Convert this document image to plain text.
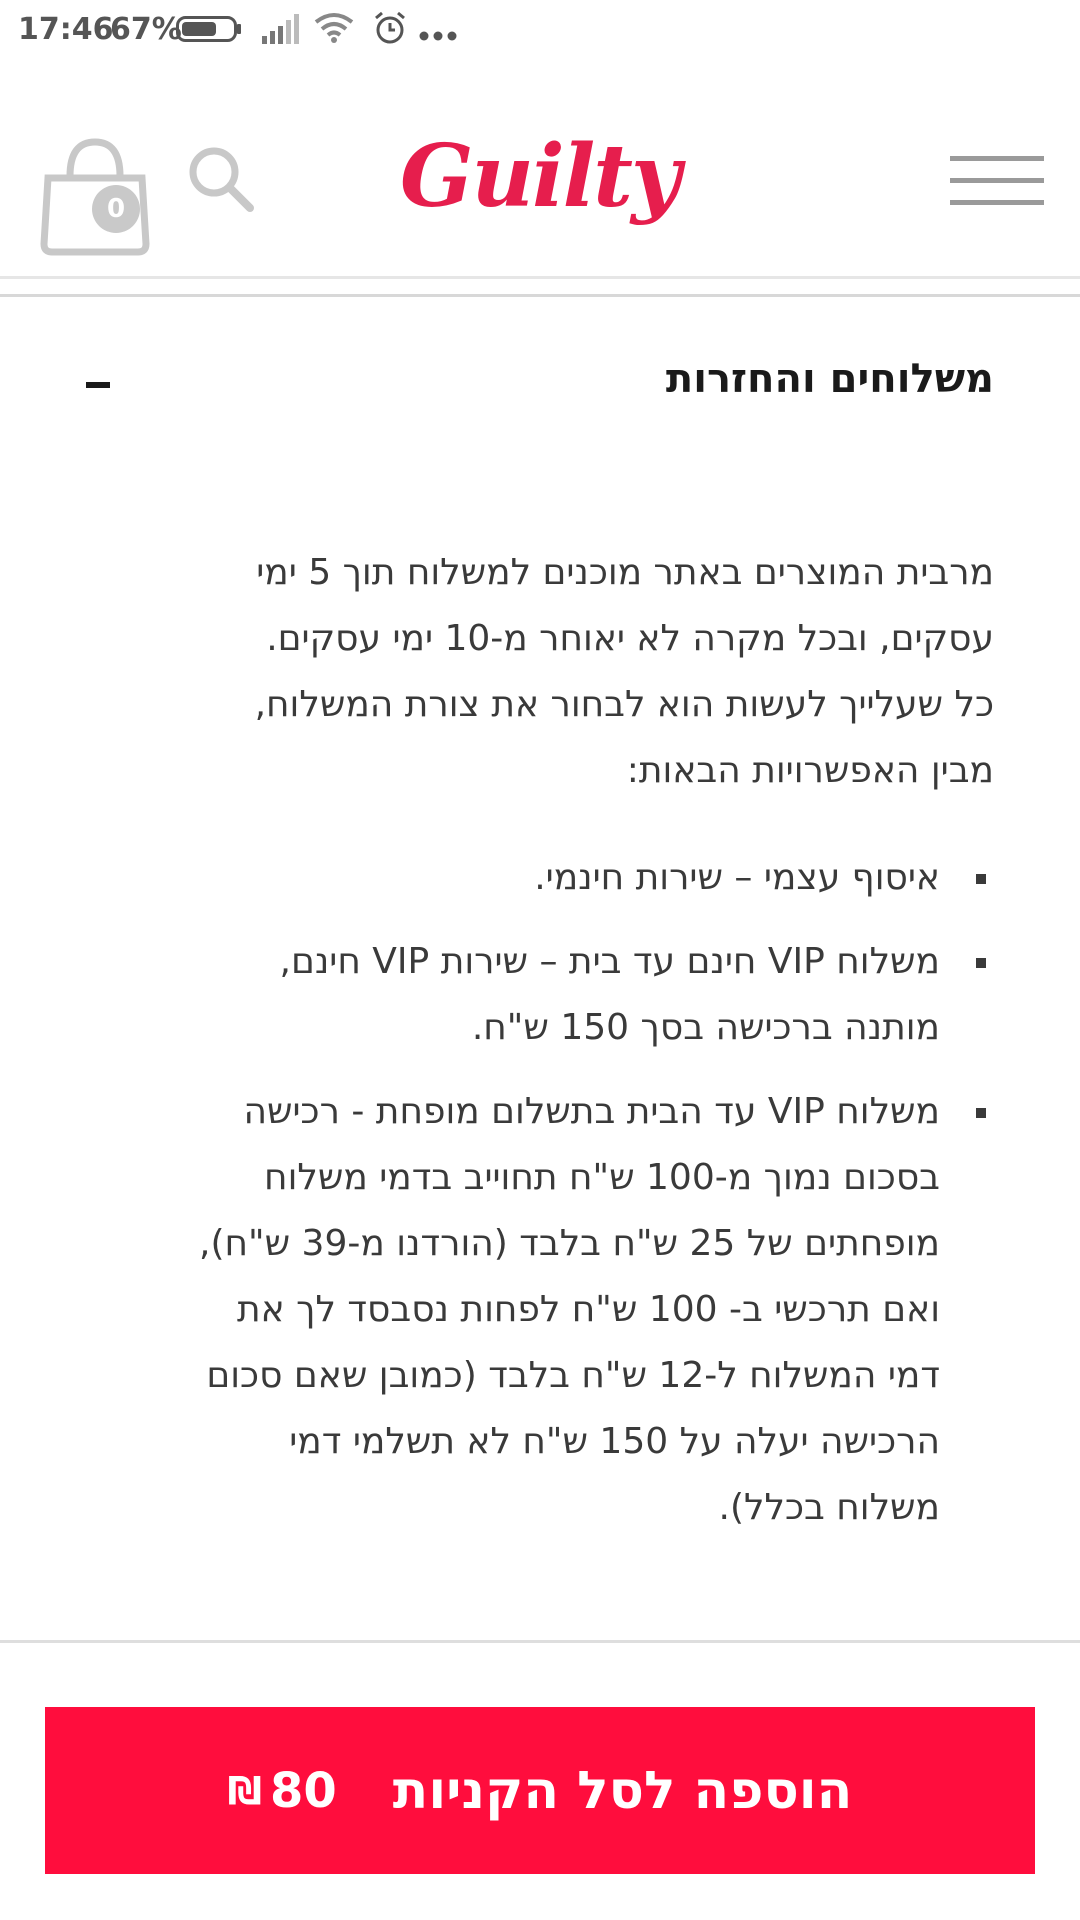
17:46
67%
0	Guilty
משלוחים והחזרות

מרבית המוצרים באתר מוכנים למשלוח תוך 5 ימי
עסקים, ובכל מקרה לא יאוחר מ-10 ימי עסקים.
כל שעלייך לעשות הוא לבחור את צורת המשלוח,
מבין האפשרויות הבאות:

איסוף עצמי – שירות חינמי.
משלוח VIP חינם עד בית – שירות VIP חינם,
מותנה ברכישה בסך 150 ש"ח.
משלוח VIP עד הבית בתשלום מופחת - רכישה
בסכום נמוך מ-100 ש"ח תחוייב בדמי משלוח
מופחתים של 25 ש"ח בלבד (הורדנו מ-39 ש"ח),
ואם תרכשי ב- 100 ש"ח לפחות נסבסד לך את
דמי המשלוח ל-12 ש"ח בלבד (כמובן שאם סכום
הרכישה יעלה על 150 ש"ח לא תשלמי דמי
משלוח בכלל).
הוספה לסל הקניות
80
₪
